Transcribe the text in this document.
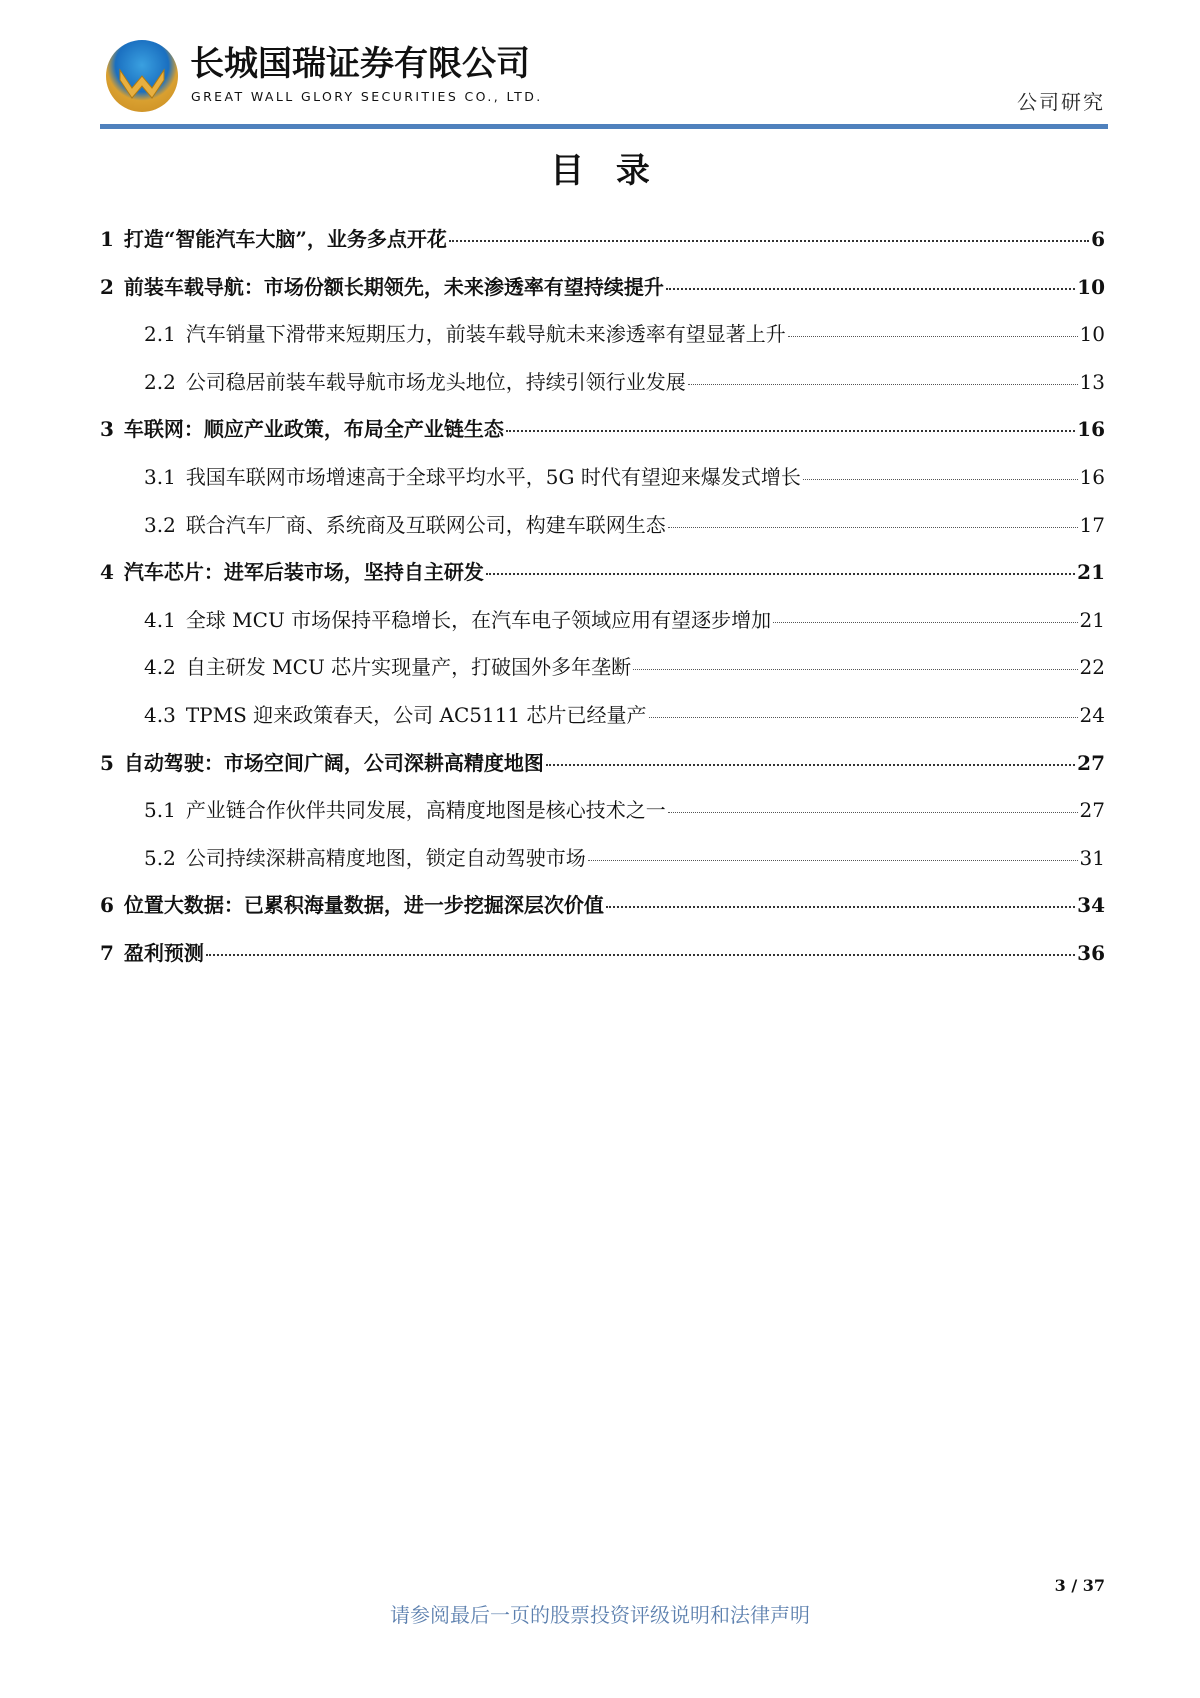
长城国瑞证券有限公司
GREAT WALL GLORY SECURITIES CO., LTD.	公司研究
目 录
1 打造“智能汽车大脑”，业务多点开花	6
2 前装车载导航：市场份额长期领先，未来渗透率有望持续提升	10
2.1 汽车销量下滑带来短期压力，前装车载导航未来渗透率有望显著上升	10
2.2 公司稳居前装车载导航市场龙头地位，持续引领行业发展	13
3 车联网：顺应产业政策，布局全产业链生态	16
3.1 我国车联网市场增速高于全球平均水平，5G 时代有望迎来爆发式增长	16
3.2 联合汽车厂商、系统商及互联网公司，构建车联网生态	17
4 汽车芯片：进军后装市场，坚持自主研发	21
4.1 全球 MCU 市场保持平稳增长，在汽车电子领域应用有望逐步增加	21
4.2 自主研发 MCU 芯片实现量产，打破国外多年垄断	22
4.3 TPMS 迎来政策春天，公司 AC5111 芯片已经量产	24
5 自动驾驶：市场空间广阔，公司深耕高精度地图	27
5.1 产业链合作伙伴共同发展，高精度地图是核心技术之一	27
5.2 公司持续深耕高精度地图，锁定自动驾驶市场	31
6 位置大数据：已累积海量数据，进一步挖掘深层次价值	34
7 盈利预测	36
3 / 37
请参阅最后一页的股票投资评级说明和法律声明
